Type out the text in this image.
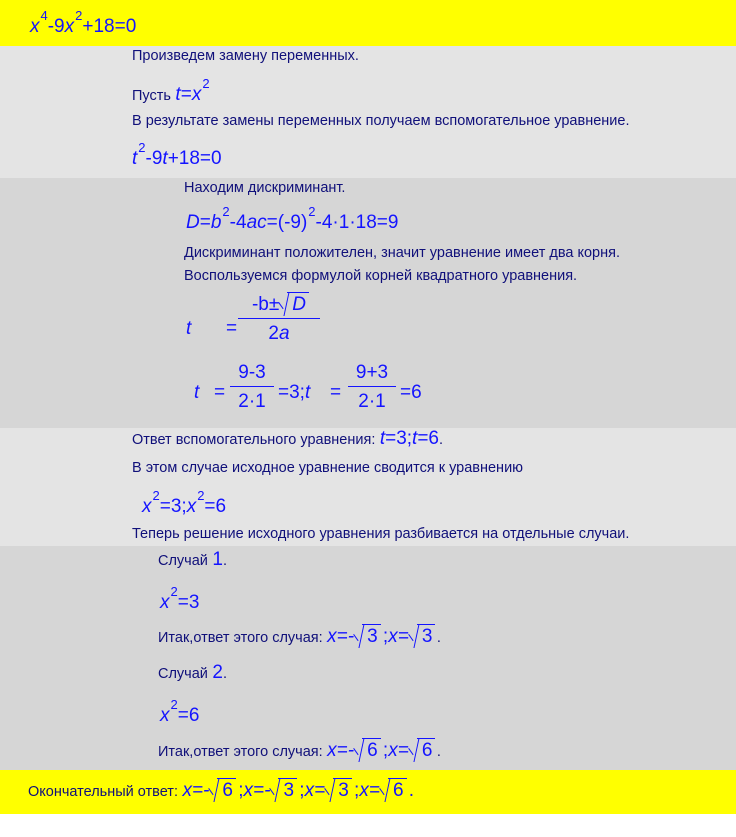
$x^4-9x^2+18=0$
Произведем замену переменных.
Пусть $t=x^2$
В результате замены переменных получаем вспомогательное уравнение.
$t^2-9t+18=0$
Находим дискриминант.
$D=b^2-4ac=(-9)^2-4\cdot 1\cdot 18=9$
Дискриминант положителен, значит уравнение имеет два корня.
Воспользуемся формулой корней квадратного уравнения.
$t = \frac{-b\pm D}{2a}$
$t = \frac{9-3}{2\cdot 1}$ =3;t = $\frac{9+3}{2\cdot 1} =6$
Ответ вспомогательного уравнения: t=3;t=6.
В этом случае исходное уравнение сводится к уравнению
$x^2=3;x^2=6$
Теперь решение исходного уравнения разбивается на отдельные случаи.
Случай 1.
$x^2=3$
Итак,ответ этого случая: x=- 3 ;x= 3 .
Случай 2.
$x^2=6$
Итак,ответ этого случая: x=- 6 ;x= 6 .
Окончательный ответ: x=- 6 ;x=- 3 ;x= 3 ;x= 6 .
